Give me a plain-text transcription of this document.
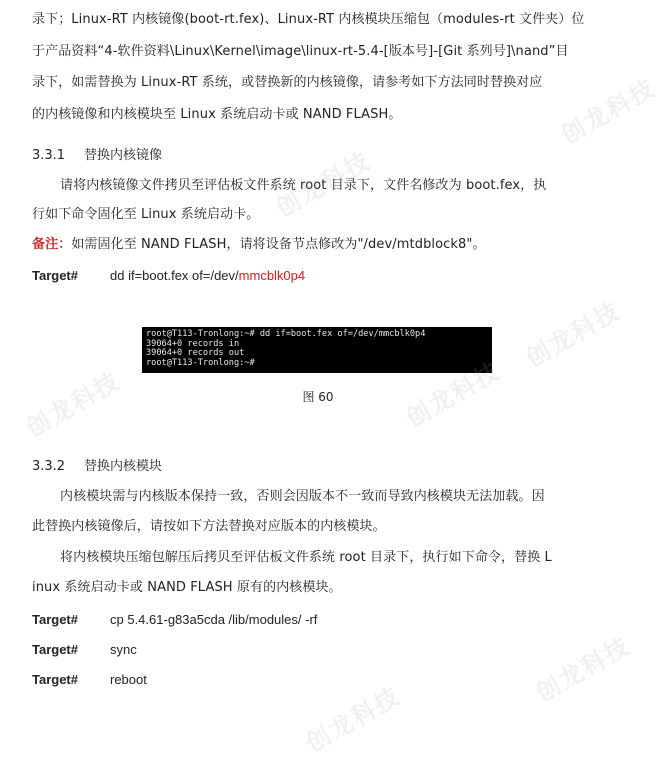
录下；Linux-RT 内核镜像(boot-rt.fex)、Linux-RT 内核模块压缩包（modules-rt 文件夹）位
于产品资料“4-软件资料\Linux\Kernel\image\linux-rt-5.4-[版本号]-[Git 系列号]\nand”目
录下，如需替换为 Linux-RT 系统，或替换新的内核镜像，请参考如下方法同时替换对应
的内核镜像和内核模块至 Linux 系统启动卡或 NAND FLASH。
3.3.1 替换内核镜像
请将内核镜像文件拷贝至评估板文件系统 root 目录下，文件名修改为 boot.fex，执
行如下命令固化至 Linux 系统启动卡。
备注：如需固化至 NAND FLASH，请将设备节点修改为"/dev/mtdblock8"。
Target# dd if=boot.fex of=/dev/mmcblk0p4
root@T113-Tronlong:~# dd if=boot.fex of=/dev/mmcblk0p4
39064+0 records in
39064+0 records out
root@T113-Tronlong:~#
图 60
3.3.2 替换内核模块
内核模块需与内核版本保持一致，否则会因版本不一致而导致内核模块无法加载。因
此替换内核镜像后，请按如下方法替换对应版本的内核模块。
将内核模块压缩包解压后拷贝至评估板文件系统 root 目录下，执行如下命令，替换 L
inux 系统启动卡或 NAND FLASH 原有的内核模块。
Target# cp 5.4.61-g83a5cda /lib/modules/ -rf
Target# sync
Target# reboot
创龙科技
创龙科技
创龙科技
创龙科技
创龙科技
创龙科技
创龙科技
